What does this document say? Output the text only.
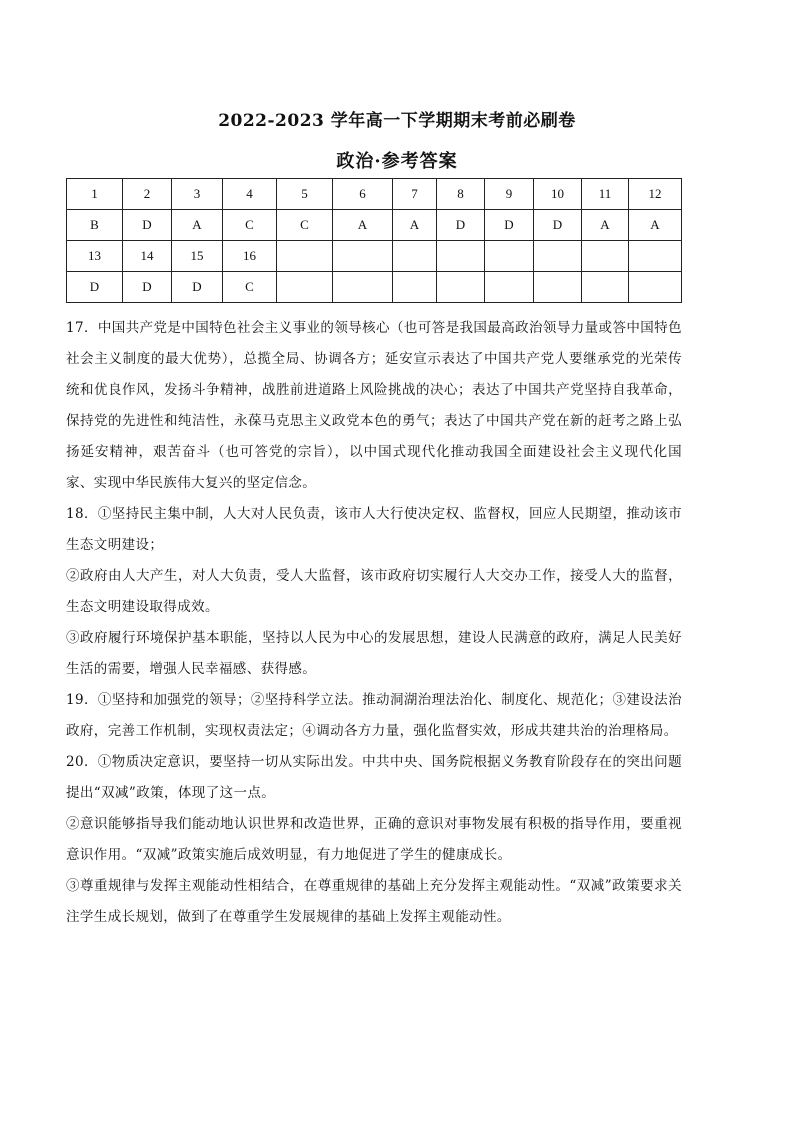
2022-2023 学年高一下学期期末考前必刷卷
政治·参考答案
1	2	3	4	5	6	7	8	9	10	11	12
B	D	A	C	C	A	A	D	D	D	A	A
13	14	15	16								
D	D	D	C								

17．中国共产党是中国特色社会主义事业的领导核心（也可答是我国最高政治领导力量或答中国特色社会主义制度的最大优势），总揽全局、协调各方；延安宣示表达了中国共产党人要继承党的光荣传统和优良作风，发扬斗争精神，战胜前进道路上风险挑战的决心；表达了中国共产党坚持自我革命，保持党的先进性和纯洁性，永葆马克思主义政党本色的勇气；表达了中国共产党在新的赶考之路上弘扬延安精神，艰苦奋斗（也可答党的宗旨），以中国式现代化推动我国全面建设社会主义现代化国家、实现中华民族伟大复兴的坚定信念。

18．①坚持民主集中制，人大对人民负责，该市人大行使决定权、监督权，回应人民期望，推动该市生态文明建设；

②政府由人大产生，对人大负责，受人大监督，该市政府切实履行人大交办工作，接受人大的监督，生态文明建设取得成效。

③政府履行环境保护基本职能，坚持以人民为中心的发展思想，建设人民满意的政府，满足人民美好生活的需要，增强人民幸福感、获得感。

19．①坚持和加强党的领导；②坚持科学立法。推动洞湖治理法治化、制度化、规范化；③建设法治政府，完善工作机制，实现权责法定；④调动各方力量，强化监督实效，形成共建共治的治理格局。

20．①物质决定意识，要坚持一切从实际出发。中共中央、国务院根据义务教育阶段存在的突出问题提出“双减”政策，体现了这一点。

②意识能够指导我们能动地认识世界和改造世界，正确的意识对事物发展有积极的指导作用，要重视意识作用。“双减”政策实施后成效明显，有力地促进了学生的健康成长。

③尊重规律与发挥主观能动性相结合，在尊重规律的基础上充分发挥主观能动性。“双减”政策要求关注学生成长规划，做到了在尊重学生发展规律的基础上发挥主观能动性。
